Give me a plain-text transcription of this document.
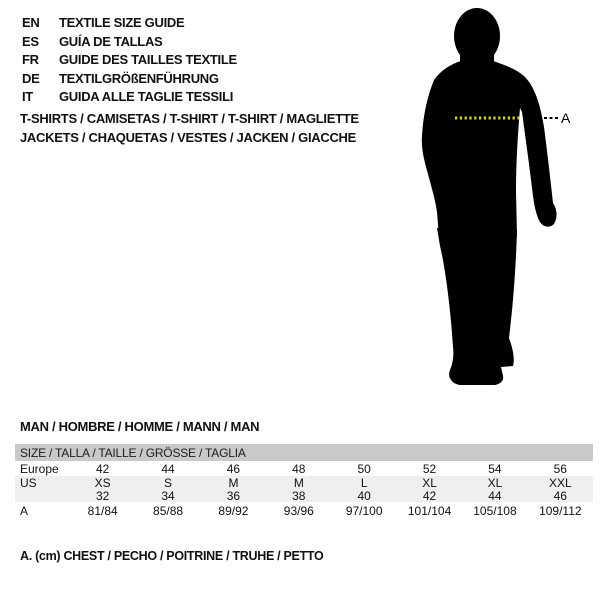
EN	TEXTILE SIZE GUIDE
ES	GUÍA DE TALLAS
FR	GUIDE DES TAILLES TEXTILE
DE	TEXTILGRÖßENFÜHRUNG
IT	GUIDA ALLE TAGLIE TESSILI
T-SHIRTS / CAMISETAS / T-SHIRT / T-SHIRT / MAGLIETTE
JACKETS / CHAQUETAS / VESTES / JACKEN / GIACCHE
A
MAN / HOMBRE / HOMME / MANN / MAN
SIZE / TALLA / TAILLE / GRÖSSE / TAGLIA
Europe	42	44	46	48	50	52	54	56
US	XS	S	M	M	L	XL	XL	XXL
32	34	36	38	40	42	44	46
A	81/84	85/88	89/92	93/96	97/100	101/104	105/108	109/112
A. (cm) CHEST / PECHO / POITRINE / TRUHE / PETTO
